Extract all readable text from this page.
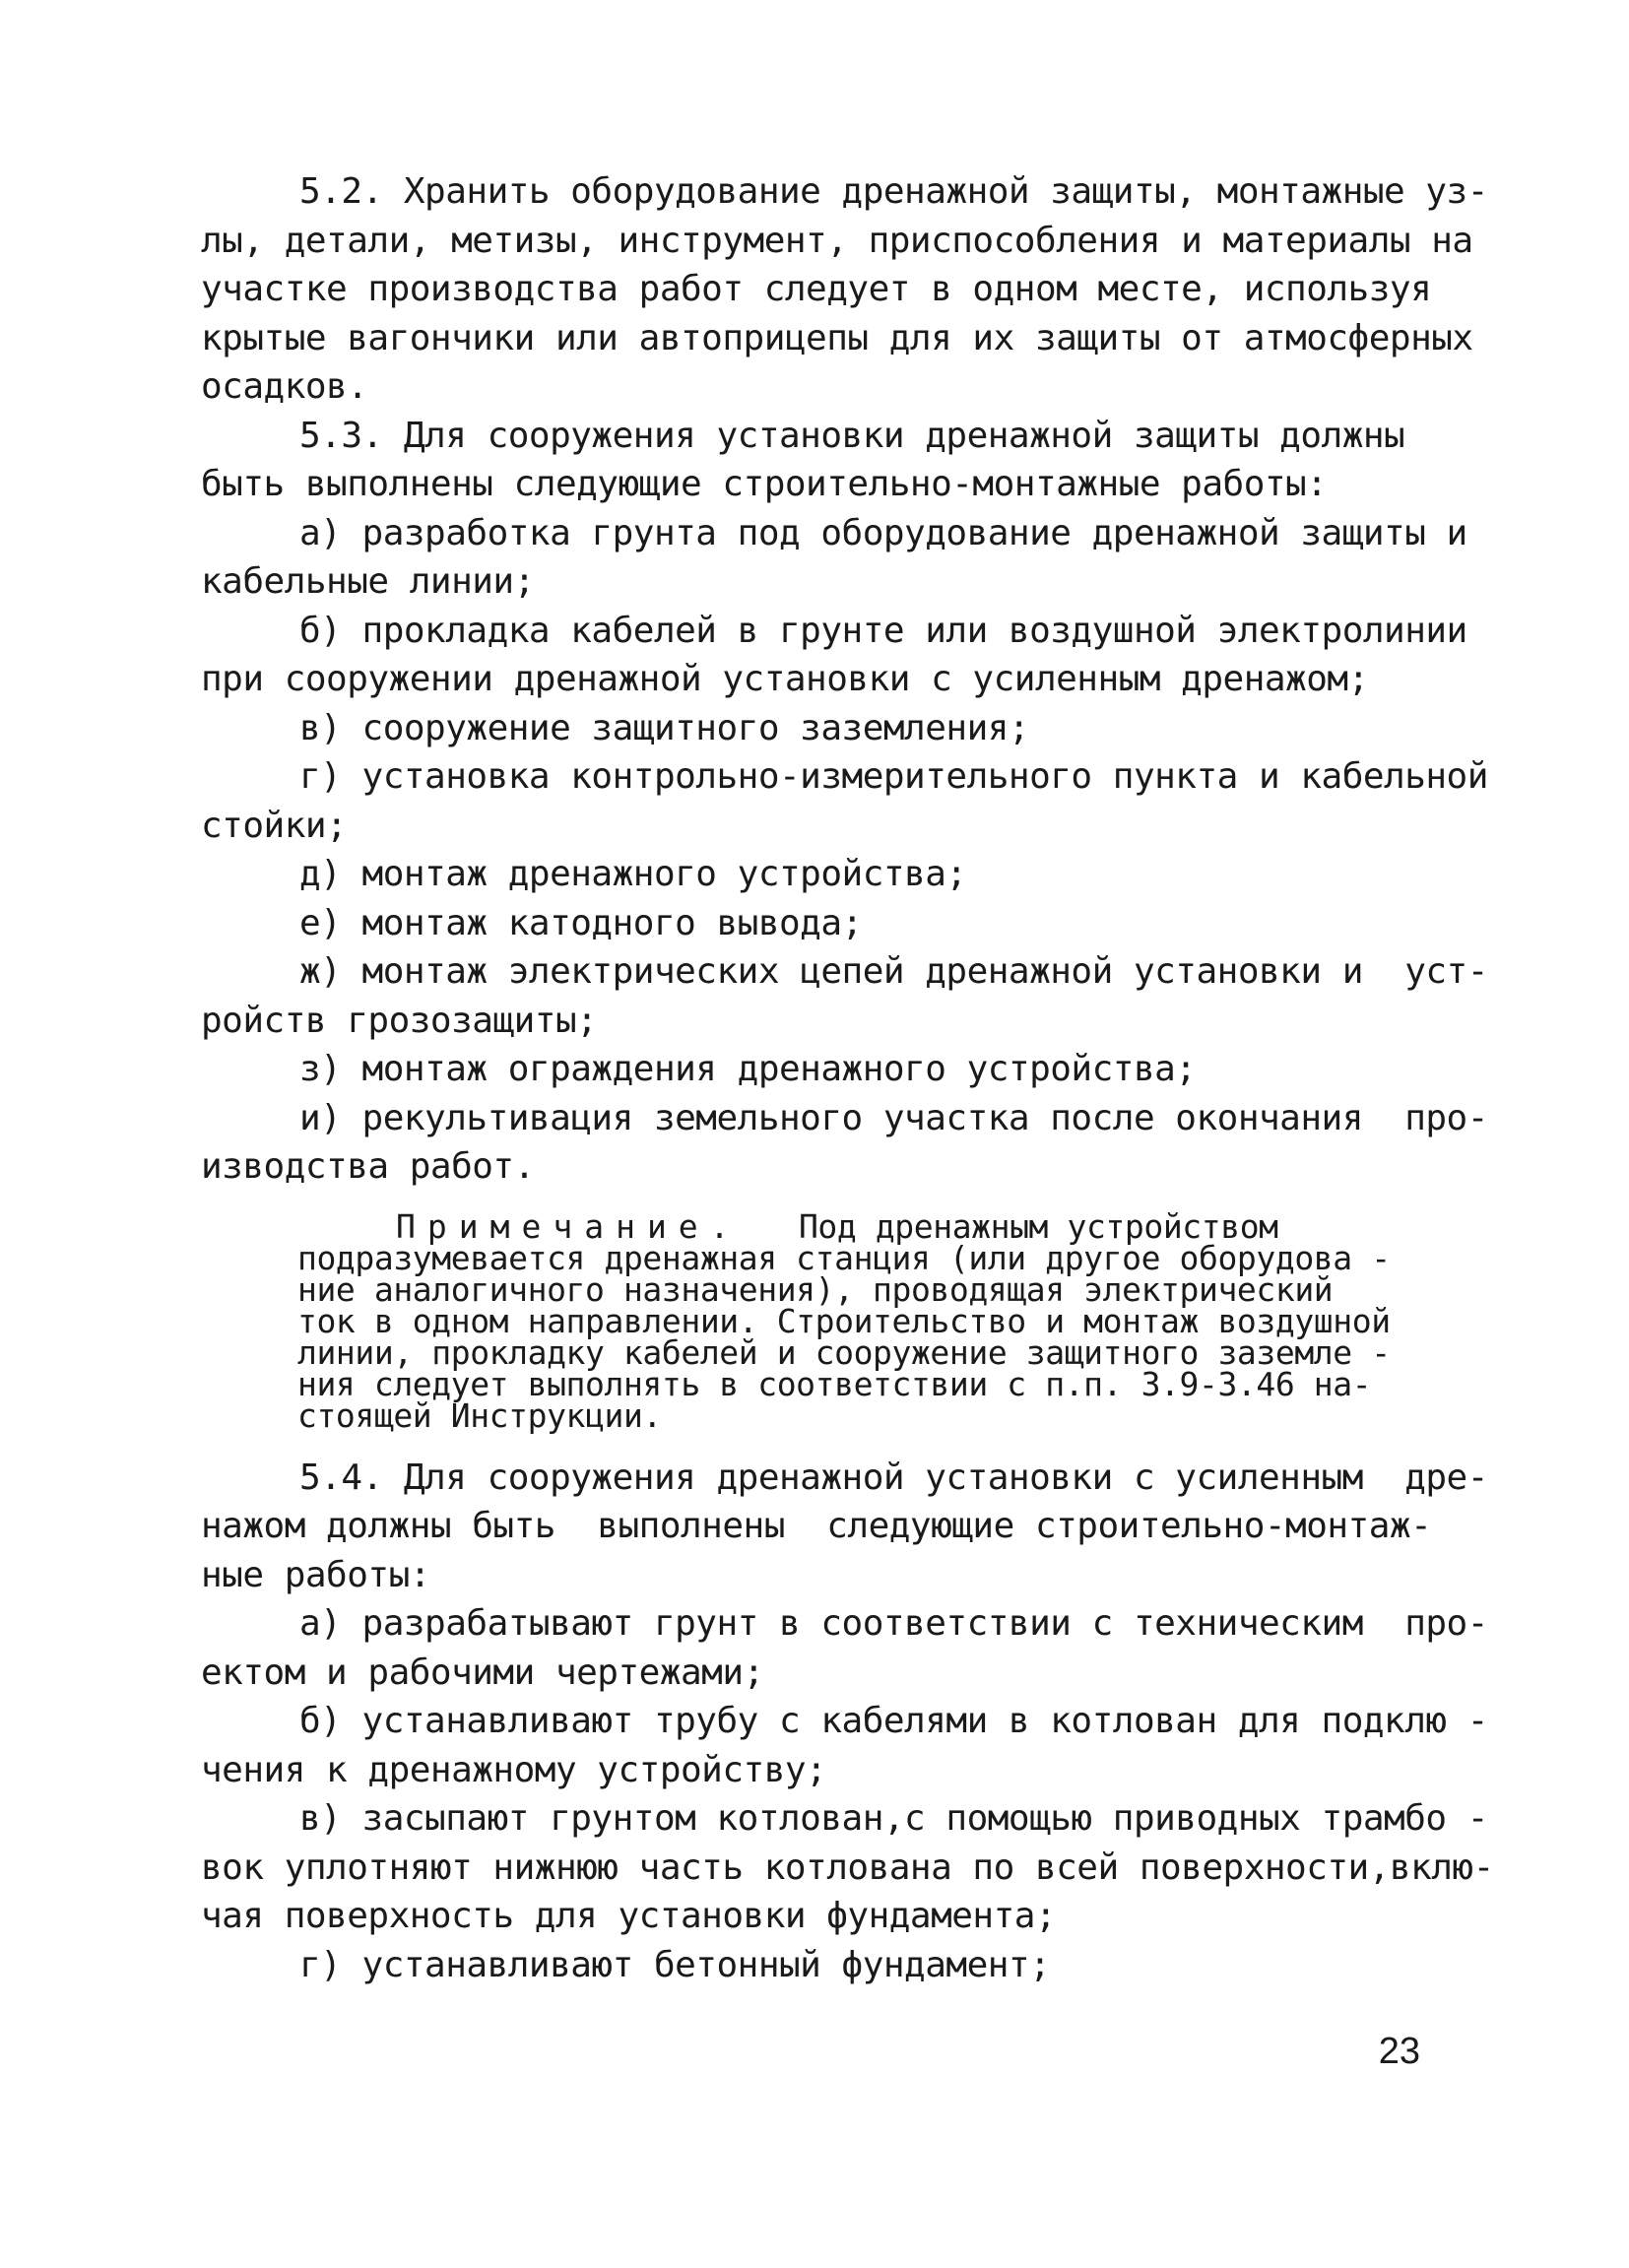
5.2. Хранить оборудование дренажной защиты, монтажные уз-
лы, детали, метизы, инструмент, приспособления и материалы на
участке производства работ следует в одном месте, используя
крытые вагончики или автоприцепы для их защиты от атмосферных
осадков.
5.3. Для сооружения установки дренажной защиты должны
быть выполнены следующие строительно-монтажные работы:
а) разработка грунта под оборудование дренажной защиты и
кабельные линии;
б) прокладка кабелей в грунте или воздушной электролинии
при сооружении дренажной установки с усиленным дренажом;
в) сооружение защитного заземления;
г) установка контрольно-измерительного пункта и кабельной
стойки;
д) монтаж дренажного устройства;
е) монтаж катодного вывода;
ж) монтаж электрических цепей дренажной установки и  уст-
ройств грозозащиты;
з) монтаж ограждения дренажного устройства;
и) рекультивация земельного участка после окончания  про-
изводства работ.
Примечание.   Под дренажным устройством
подразумевается дренажная станция (или другое оборудова -
ние аналогичного назначения), проводящая электрический
ток в одном направлении. Строительство и монтаж воздушной
линии, прокладку кабелей и сооружение защитного заземле -
ния следует выполнять в соответствии с п.п. 3.9-3.46 на-
стоящей Инструкции.
5.4. Для сооружения дренажной установки с усиленным  дре-
нажом должны быть  выполнены  следующие строительно-монтаж-
ные работы:
а) разрабатывают грунт в соответствии с техническим  про-
ектом и рабочими чертежами;
б) устанавливают трубу с кабелями в котлован для подклю -
чения к дренажному устройству;
в) засыпают грунтом котлован,с помощью приводных трамбо -
вок уплотняют нижнюю часть котлована по всей поверхности,вклю-
чая поверхность для установки фундамента;
г) устанавливают бетонный фундамент;
23
